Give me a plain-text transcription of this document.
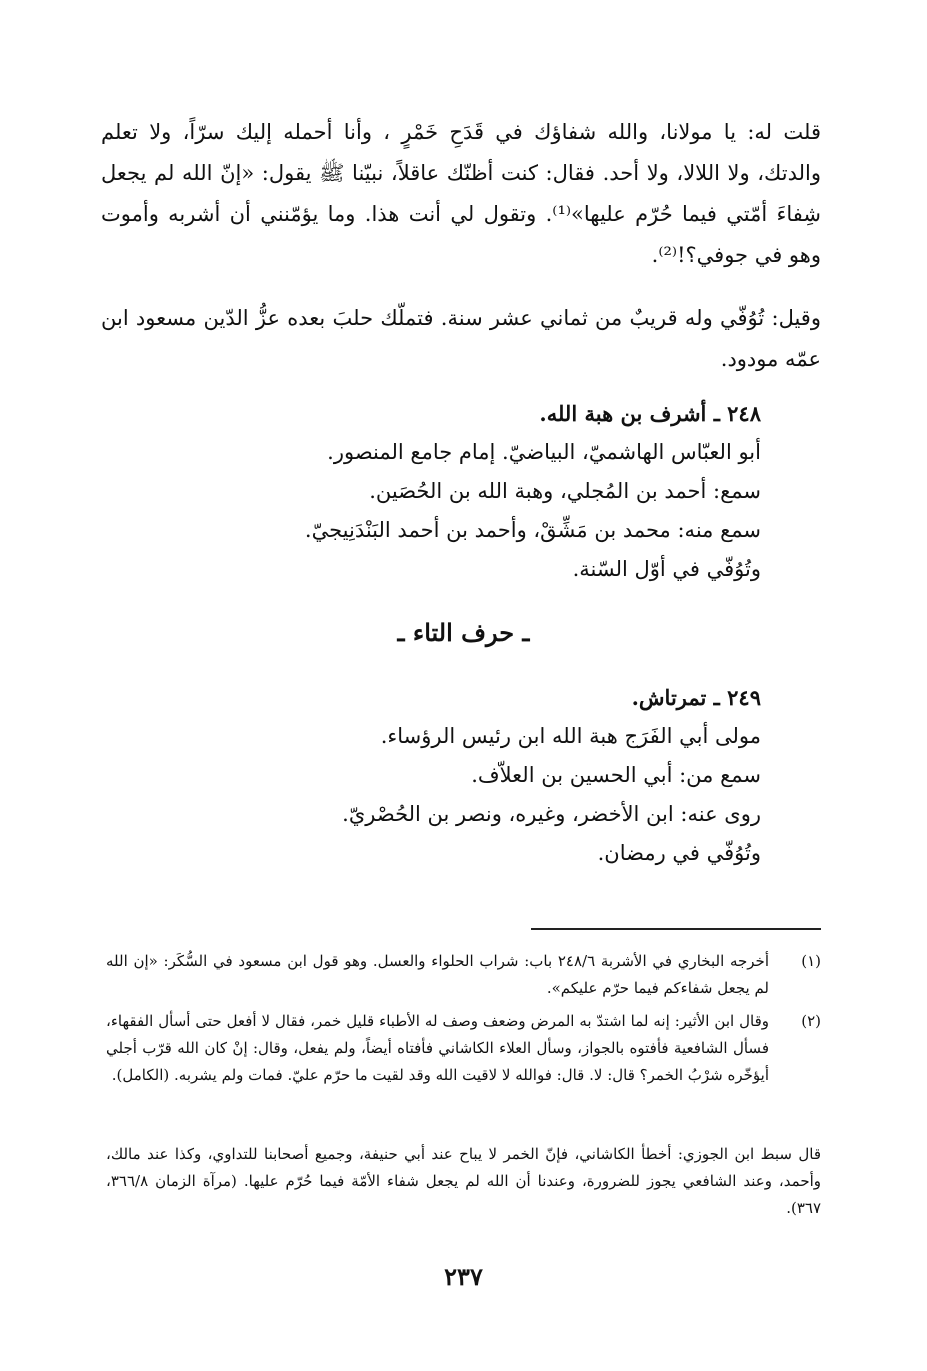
قلت له: يا مولانا، والله شفاؤك في قَدَحِ خَمْرٍ ، وأنا أحمله إليك سرّاً، ولا تعلم والدتك، ولا اللالا، ولا أحد. فقال: كنت أظنّك عاقلاً، نبيّنا ﷺ يقول: «إنّ الله لم يجعل شِفاءَ أمّتي فيما حُرّم عليها»⁽¹⁾. وتقول لي أنت هذا. وما يؤمّنني أن أشربه وأموت وهو في جوفي؟!⁽²⁾.

وقيل: تُوُفّي وله قريبٌ من ثماني عشر سنة. فتملّك حلبَ بعده عزُّ الدّين مسعود ابن عمّه مودود.

٢٤٨ ـ أشرف بن هبة الله.
أبو العبّاس الهاشميّ، البياضيّ. إمام جامع المنصور.
سمع: أحمد بن المُجلي، وهبة الله بن الحُصَين.
سمع منه: محمد بن مَشِّقْ، وأحمد بن أحمد البَنْدَنِيجيّ.
وتُوُفّي في أوّل السّنة.
ـ حرف التاء ـ
٢٤٩ ـ تمرتاش.
مولى أبي الفَرَج هبة الله ابن رئيس الرؤساء.
سمع من: أبي الحسين بن العلاّف.
روى عنه: ابن الأخضر، وغيره، ونصر بن الحُصْريّ.
وتُوُفّي في رمضان.
(١)
أخرجه البخاري في الأشربة ٢٤٨/٦ باب: شراب الحلواء والعسل. وهو قول ابن مسعود في السُّكَر: «إن الله لم يجعل شفاءكم فيما حرّم عليكم».
(٢)
وقال ابن الأثير: إنه لما اشتدّ به المرض وضعف وصف له الأطباء قليل خمر، فقال لا أفعل حتى أسأل الفقهاء، فسأل الشافعية فأفتوه بالجواز، وسأل العلاء الكاشاني فأفتاه أيضاً، ولم يفعل، وقال: إنْ كان الله قرّب أجلي أيؤخّره شرْبُ الخمر؟ قال: لا. قال: فوالله لا لاقيت الله وقد لقيت ما حرّم عليّ. فمات ولم يشربه. (الكامل).
قال سبط ابن الجوزي: أخطأ الكاشاني، فإنّ الخمر لا يباح عند أبي حنيفة، وجميع أصحابنا للتداوي، وكذا عند مالك، وأحمد، وعند الشافعي يجوز للضرورة، وعندنا أن الله لم يجعل شفاء الأمّة فيما حُرّم عليها. (مرآة الزمان ٣٦٦/٨، ٣٦٧).
٢٣٧
